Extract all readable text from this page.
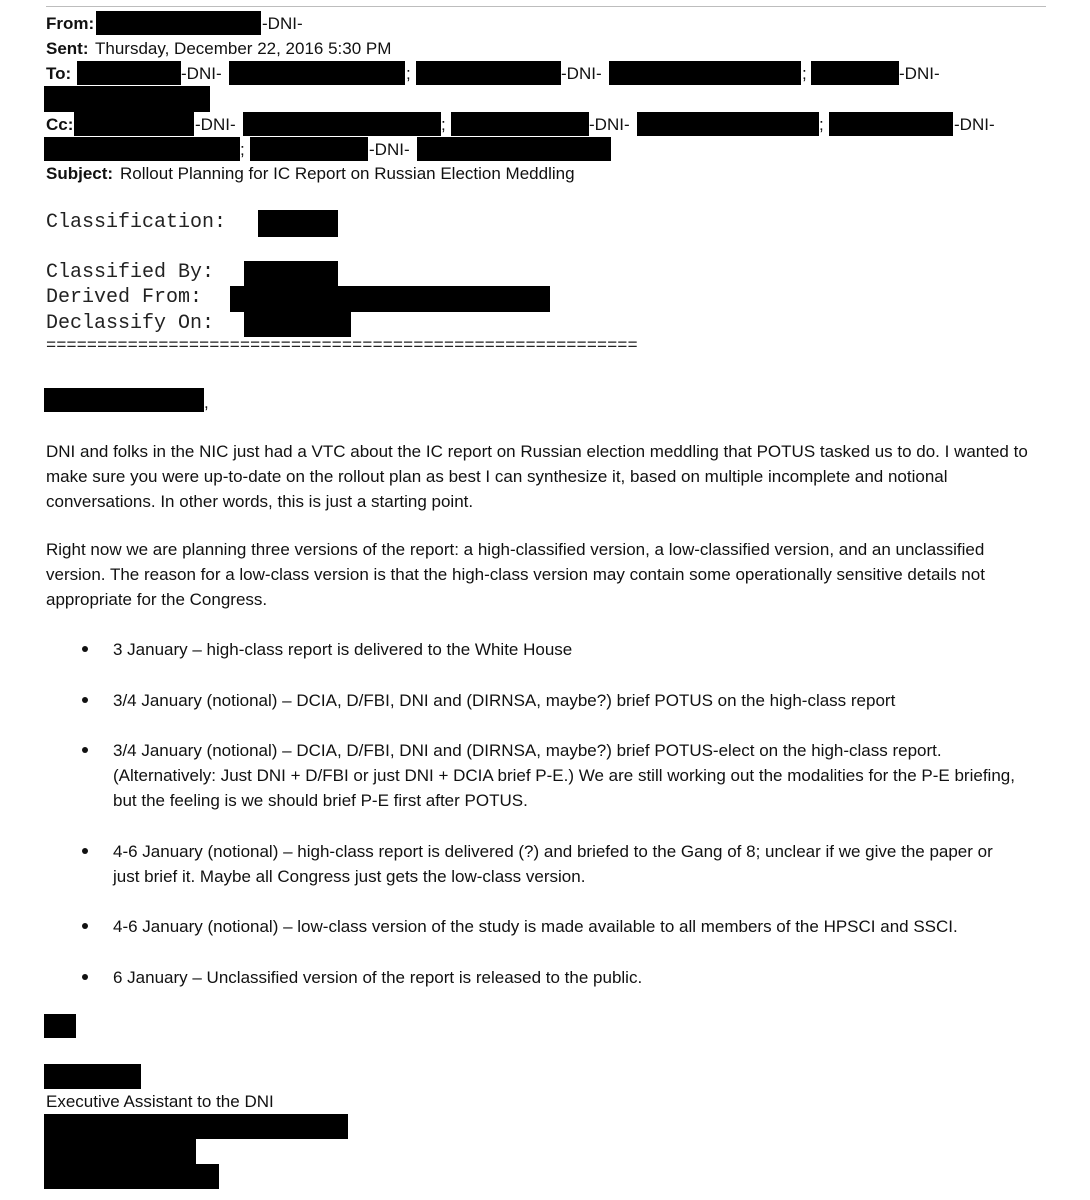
From:	-DNI-
Sent: Thursday, December 22, 2016 5:30 PM
To:	-DNI-	;	-DNI-	;	-DNI-
Cc:	-DNI-	;	-DNI-	;	-DNI-
;	-DNI-
Subject: Rollout Planning for IC Report on Russian Election Meddling
Classification:
Classified By:
Derived From:
Declassify On:
==========================================================
,
DNI and folks in the NIC just had a VTC about the IC report on Russian election meddling that POTUS tasked us to do. I wanted to make sure you were up-to-date on the rollout plan as best I can synthesize it, based on multiple incomplete and notional conversations. In other words, this is just a starting point.
Right now we are planning three versions of the report: a high-classified version, a low-classified version, and an unclassified version. The reason for a low-class version is that the high-class version may contain some operationally sensitive details not appropriate for the Congress.
3 January – high-class report is delivered to the White House
3/4 January (notional) – DCIA, D/FBI, DNI and (DIRNSA, maybe?) brief POTUS on the high-class report
3/4 January (notional) – DCIA, D/FBI, DNI and (DIRNSA, maybe?) brief POTUS-elect on the high-class report. (Alternatively: Just DNI + D/FBI or just DNI + DCIA brief P-E.) We are still working out the modalities for the P-E briefing, but the feeling is we should brief P-E first after POTUS.
4-6 January (notional) – high-class report is delivered (?) and briefed to the Gang of 8; unclear if we give the paper or just brief it. Maybe all Congress just gets the low-class version.
4-6 January (notional) – low-class version of the study is made available to all members of the HPSCI and SSCI.
6 January – Unclassified version of the report is released to the public.
Executive Assistant to the DNI
